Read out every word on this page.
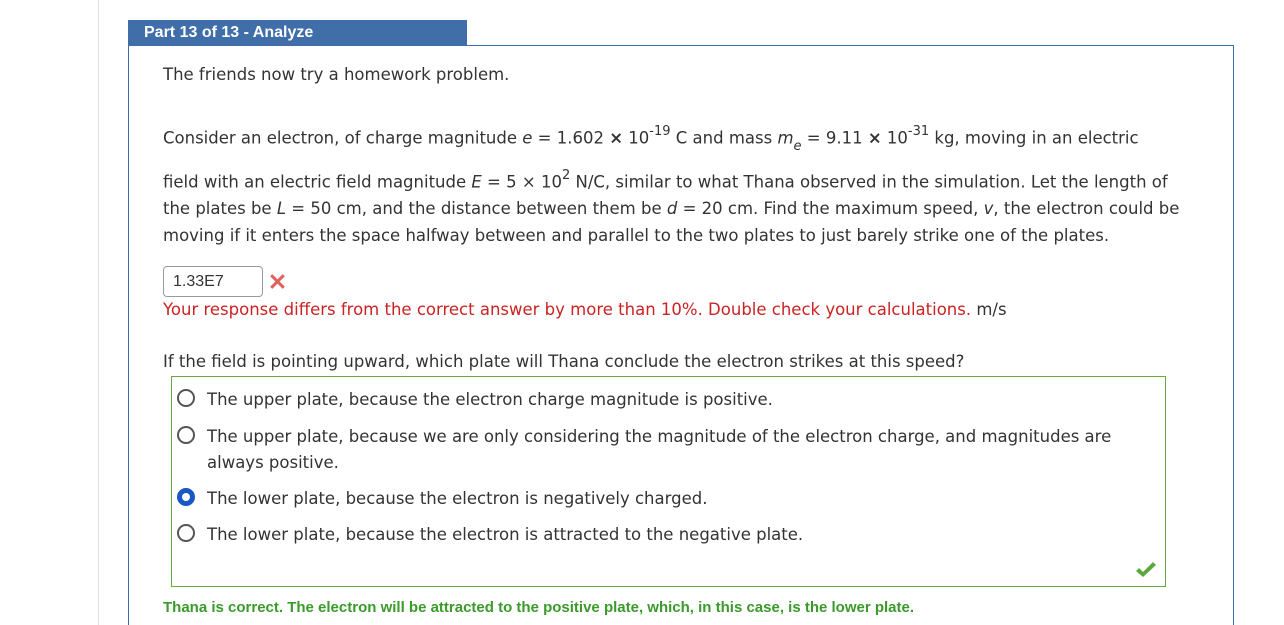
Part 13 of 13 - Analyze
The friends now try a homework problem.
Consider an electron, of charge magnitude $e = 1.602 \times 10^{-19}$ C and mass $m_e = 9.11 \times 10^{-31}$ kg, moving in an electric
field with an electric field magnitude $E = 5 \times 10^2$ N/C, similar to what Thana observed in the simulation. Let the length of the plates be L = 50 cm, and the distance between them be d = 20 cm. Find the maximum speed, v, the electron could be moving if it enters the space halfway between and parallel to the two plates to just barely strike one of the plates.
1.33E7
Your response differs from the correct answer by more than 10%. Double check your calculations. m/s
If the field is pointing upward, which plate will Thana conclude the electron strikes at this speed?
The upper plate, because the electron charge magnitude is positive.
The upper plate, because we are only considering the magnitude of the electron charge, and magnitudes are always positive.
The lower plate, because the electron is negatively charged.
The lower plate, because the electron is attracted to the negative plate.
Thana is correct. The electron will be attracted to the positive plate, which, in this case, is the lower plate.
